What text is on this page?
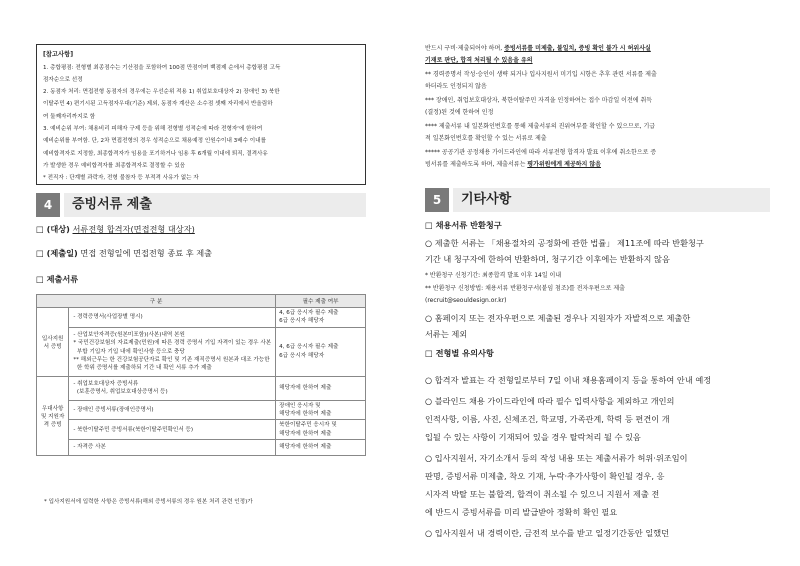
[참고사항]
1. 총합평점: 전형별 최종점수는 기산점을 포함하여 100점 만점이며 백점제 순에서 총합평점 고득
점자순으로 선정
2. 동점자 처리: 면접전형 동점자의 경우에는 우선순위 적용 1) 취업보호대상자 2) 장애인 3) 북한
이탈주민 4) 편기시된 고득점자우대(기준) 제외, 동점자 계산은 소수점 셋째 자리에서 반올림하
여 둘째자리까지로 함
3. 예비순위 부여: 채용비리 피해자 구제 등을 위해 전형별 성적순에 따라 전형자'에 한하여
예비순위를 부여함. 단, 2차 면접전형의 경우 성적순으로 채용예정 인원수이내 3배수 이내를
예비합격자로 지정함, 최종합격자가 임용을 포기하거나 임용 후 6개월 이내에 퇴직, 결격사유
가 발생한 경우 예비합격자를 최종합격자로 결정할 수 있음
* 전직자 : 단계별 과락자, 전형 불참자 등 부적격 사유가 없는 자
4	증빙서류 제출
□ (대상) 서류전형 합격자(면접전형 대상자)
□ (제출일) 면접 전형일에 면접전형 종료 후 제출
□ 제출서류
구 분		필수 제출 여부
입사지원서 증빙	- 경력증명서(사업장별 명시)	4, 6급 응시자 필수 제출
6급 응시자 해당자
	- 산업보안자격증(원본미포함)(사본)내역 본원
* 국민건강보험의 자료제출(민원)에 따른 경력 증명서 기입 자격이 있는 경우 사본
부합 기입자 기입 내에 확인사항 등으로 충당
** 해외근무는 한 건강보험공단자료 확인 및 기존 재직증명서 원본과 대조 가능한
한 학위 증명서를 제출하되 기간 내 확인 서류 추가 제출	4, 6급 응시자 필수 제출
6급 응시자 해당자
우대사항 및 지원자격 증빙	- 취업보호대상자 증빙서류
(보훈증명서, 취업보호대상증명서 등)	해당자에 한하여 제출
	- 장애인 증빙서류(장애인증명서)	장애인 응시자 및
해당자에 한하여 제출
	- 북한이탈주민 증빙서류(북한이탈주민확인서 등)	북한이탈주민 응시자 및
해당자에 한하여 제출
	- 자격증 사본	해당자에 한하여 제출
* 입사지원서에 입력한 사항은 증빙서류(해외 증빙서류의 경우 원본 처리 관련 인정)가
반드시 구비·제출되어야 하며, 증빙서류를 미제출, 불일치, 증빙 확인 불가 시 허위사실
기재로 판단, 합격 처리될 수 있음을 유의
** 경력증명서 작성·승인이 생략 되거나 입사지원서 미기입 시항은 추후 관련 서류를 제출
하더라도 인정되지 않음
*** 장애인, 취업보호대상자, 북한이탈주민 자격을 인정하여는 접수 마감일 이전에 취득
(결정)된 것에 한하여 인정
**** 제출서류 내 일본화인번호를 통해 제출서류의 진위여부를 확인할 수 있으므로, 기급
적 일본화인번호를 확인할 수 있는 서류로 제출
***** 공공기관 공정채용 가이드라인에 따라 서류전형 합격자 발표 이후에 취소한으로 증
빙서류를 제출하도록 하며, 제출서류는 평가위원에게 제공하지 않음
5	기타사항
□ 채용서류 반환청구
○ 제출한 서류는 「채용절차의 공정화에 관한 법률」 제11조에 따라 반환청구
기간 내 청구자에 한하여 반환하며, 청구기간 이후에는 반환하지 않음
* 반환청구 신청기간: 최종합격 발표 이후 14일 이내
** 반환청구 신청방법: 채용서류 반환청구서(붙임 첨조)를 전자우편으로 제출
(recruit@seouldesign.or.kr)
○ 홈페이지 또는 전자우편으로 제출된 경우나 지원자가 자발적으로 제출한
서류는 제외
□ 전형별 유의사항
○ 합격자 발표는 각 전형일로부터 7일 이내 채용홈페이지 등을 통하여 안내 예정
○ 블라인드 채용 가이드라인에 따라 필수 입력사항을 제외하고 개인의
인적사항, 이름, 사진, 신체조건, 학교명, 가족관계, 학력 등 편견이 개
입될 수 있는 사항이 기재되어 있을 경우 탈락처리 될 수 있음
○ 입사지원서, 자기소개서 등의 작성 내용 또는 제출서류가 허위·위조임이
판명, 증빙서류 미제출, 착오 기재, 누락·추가사항이 확인될 경우, 응
시자격 박탈 또는 불합격, 합격이 취소될 수 있으니 지원서 제출 전
에 반드시 증빙서류를 미리 발급받아 정확히 확인 필요
○ 입사지원서 내 경력이란, 금전적 보수를 받고 일정기간동안 일했던
